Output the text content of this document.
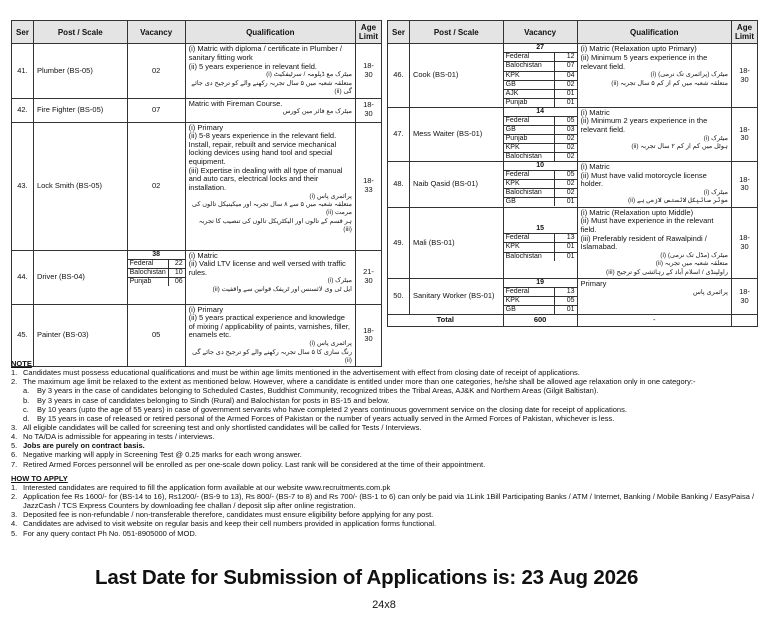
Ser	Post / Scale	Vacancy	Qualification	Age Limit
41.	Plumber (BS-05)	02	
(i) Matric with diploma / certificate in Plumber / sanitary fitting work
(ii) 5 years experience in relevant field.
میٹرک مع ڈپلومہ / سرٹیفکیٹ (i)
متعلقہ شعبہ میں ۵ سال تجربہ رکھنے والے کو ترجیح دی جائے گی (ii)
	18-30
42.	Fire Fighter (BS-05)	07	
Matric with Fireman Course.
میٹرک مع فائر مین کورس
	18-30
43.	Lock Smith (BS-05)	02	
(i) Primary
(ii) 5-8 years experience in the relevant field. Install, repair, rebuilt and service mechanical locking devices using hand tool and special equipment.
(iii) Expertise in dealing with all type of manual and auto cars, electrical locks and their installation.
پرائمری پاس (i)
متعلقہ شعبہ میں ۵ سے ۸ سال تجربہ اور میکینیکل تالوں کی مرمت (ii)
ہر قسم کے تالوں اور الیکٹریکل تالوں کی تنصیب کا تجربہ (iii)
	18-33
44.	Driver (BS-04)	
38
Federal	22
Balochistan	10
Punjab	06

(i) Matric
(ii) Valid LTV license and well versed with traffic rules.
میٹرک (i)
ایل ٹی وی لائسنس اور ٹریفک قوانین سے واقفیت (ii)
	21-30
45.	Painter (BS-03)	05	
(i) Primary
(ii) 5 years practical experience and knowledge of mixing / applicability of paints, varnishes, filler, enamels etc.
پرائمری پاس (i)
رنگ سازی کا ۵ سال تجربہ رکھنے والے کو ترجیح دی جائے گی (ii)
	18-30
Ser	Post / Scale	Vacancy	Qualification	Age Limit
46.	Cook (BS-01)	
27
Federal	12
Balochistan	07
KPK	04
GB	02
AJK	01
Punjab	01

(i) Matric (Relaxation upto Primary)
(ii) Minimum 5 years experience in the relevant field.
میٹرک (پرائمری تک نرمی) (i)
متعلقہ شعبہ میں کم از کم ۵ سال تجربہ (ii)
	18-30
47.	Mess Waiter (BS-01)	
14
Federal	05
GB	03
Punjab	02
KPK	02
Balochistan	02

(i) Matric
(ii) Minimum 2 years experience in the relevant field.
میٹرک (i)
ہوٹل میں کم از کم ۲ سال تجربہ (ii)
	18-30
48.	Naib Qasid (BS-01)	
10
Federal	05
KPK	02
Balochistan	02
GB	01

(i) Matric
(ii) Must have valid motorcycle license holder.
میٹرک (i)
موٹر سائیکل لائسنس لازمی ہے (ii)
	18-30
49.	Mali (BS-01)	
15
Federal	13
KPK	01
Balochistan	01

(i) Matric (Relaxation upto Middle)
(ii) Must have experience in the relevant field.
(iii) Preferably resident of Rawalpindi / Islamabad.
میٹرک (مڈل تک نرمی) (i)
متعلقہ شعبہ میں تجربہ (ii)
راولپنڈی / اسلام آباد کے رہائشی کو ترجیح (iii)
	18-30
50.	Sanitary Worker (BS-01)	
19
Federal	13
KPK	05
GB	01

Primary
پرائمری پاس	18-30
Total	600	-	
NOTE
1. Candidates must possess educational qualifications and must be within age limits mentioned in the advertisement with effect from closing date of receipt of applications.
2. The maximum age limit be relaxed to the extent as mentioned below. However, where a candidate is entitled under more than one categories, he/she shall be allowed age relaxation only in one category:-
a.	By 3 years in the case of candidates belonging to Scheduled Castes, Buddhist Community, recognized tribes the Tribal Areas, AJ&K and Northern Areas (Gilgit Baltistan).
b.	By 3 years in case of candidates belonging to Sindh (Rural) and Balochistan for posts in BS-15 and below.
c.	By 10 years (upto the age of 55 years) in case of government servants who have completed 2 years continuous government service on the closing date for receipt of applications.
d.	By 15 years in case of released or retired personal of the Armed Forces of Pakistan or the number of years actually served in the Armed Forces of Pakistan, whichever is less.
3. All eligible candidates will be called for screening test and only shortlisted candidates will be called for Tests / Interviews.
4. No TA/DA is admissible for appearing in tests / interviews.
5. Jobs are purely on contract basis.
6. Negative marking will apply in Screening Test @ 0.25 marks for each wrong answer.
7. Retired Armed Forces personnel will be enrolled as per one-scale down policy. Last rank will be considered at the time of their appointment.
HOW TO APPLY
1. Interested candidates are required to fill the application form available at our website www.recruitments.com.pk
2. Application fee Rs 1600/- for (BS-14 to 16), Rs1200/- (BS-9 to 13), Rs 800/- (BS-7 to 8) and Rs 700/- (BS-1 to 6) can only be paid via 1Link 1Bill Participating Banks / ATM / Internet, Banking / Mobile Banking / EasyPaisa / JazzCash / TCS Express Counters by downloading fee challan / deposit slip after online registration.
3. Deposited fee is non-refundable / non-transferable therefore, candidates must ensure eligibility before applying for any post.
4. Candidates are advised to visit website on regular basis and keep their cell numbers provided in application forms functional.
5. For any query contact Ph No. 051-8905000 of MOD.
Last Date for Submission of Applications is: 23 Aug 2026
24x8
